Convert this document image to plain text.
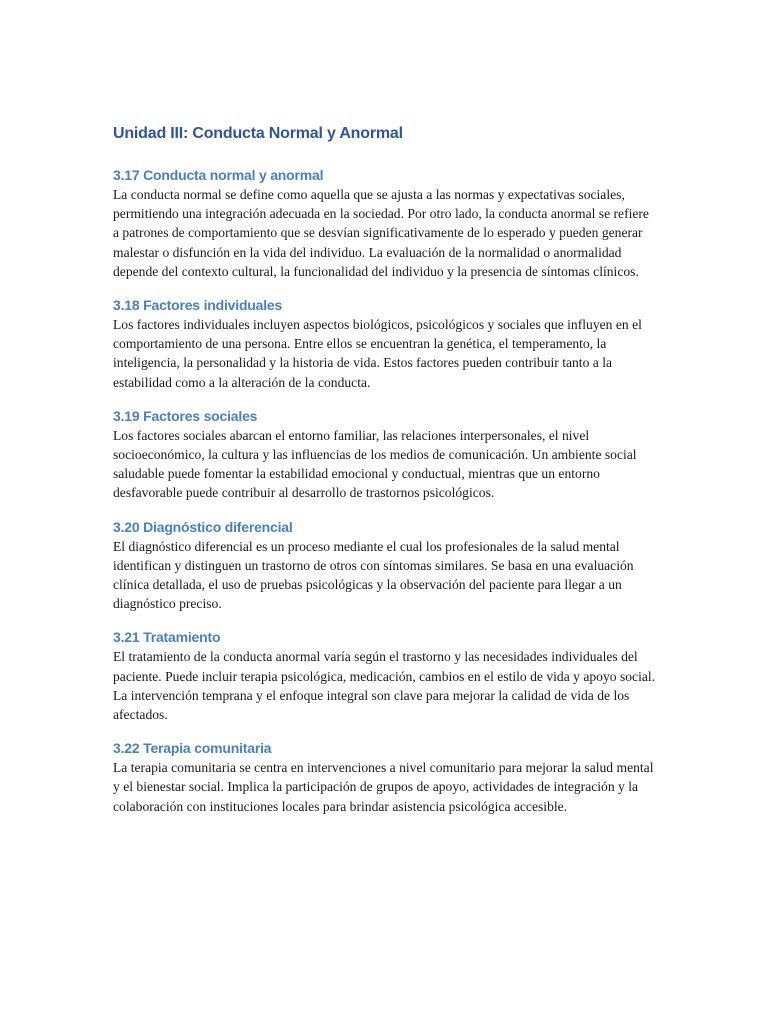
Unidad III: Conducta Normal y Anormal
3.17 Conducta normal y anormal

La conducta normal se define como aquella que se ajusta a las normas y expectativas sociales, permitiendo una integración adecuada en la sociedad. Por otro lado, la conducta anormal se refiere a patrones de comportamiento que se desvían significativamente de lo esperado y pueden generar malestar o disfunción en la vida del individuo. La evaluación de la normalidad o anormalidad depende del contexto cultural, la funcionalidad del individuo y la presencia de síntomas clínicos.

3.18 Factores individuales

Los factores individuales incluyen aspectos biológicos, psicológicos y sociales que influyen en el comportamiento de una persona. Entre ellos se encuentran la genética, el temperamento, la inteligencia, la personalidad y la historia de vida. Estos factores pueden contribuir tanto a la estabilidad como a la alteración de la conducta.

3.19 Factores sociales

Los factores sociales abarcan el entorno familiar, las relaciones interpersonales, el nivel socioeconómico, la cultura y las influencias de los medios de comunicación. Un ambiente social saludable puede fomentar la estabilidad emocional y conductual, mientras que un entorno desfavorable puede contribuir al desarrollo de trastornos psicológicos.

3.20 Diagnóstico diferencial

El diagnóstico diferencial es un proceso mediante el cual los profesionales de la salud mental identifican y distinguen un trastorno de otros con síntomas similares. Se basa en una evaluación clínica detallada, el uso de pruebas psicológicas y la observación del paciente para llegar a un diagnóstico preciso.

3.21 Tratamiento

El tratamiento de la conducta anormal varía según el trastorno y las necesidades individuales del paciente. Puede incluir terapia psicológica, medicación, cambios en el estilo de vida y apoyo social. La intervención temprana y el enfoque integral son clave para mejorar la calidad de vida de los afectados.

3.22 Terapia comunitaria

La terapia comunitaria se centra en intervenciones a nivel comunitario para mejorar la salud mental y el bienestar social. Implica la participación de grupos de apoyo, actividades de integración y la colaboración con instituciones locales para brindar asistencia psicológica accesible.
